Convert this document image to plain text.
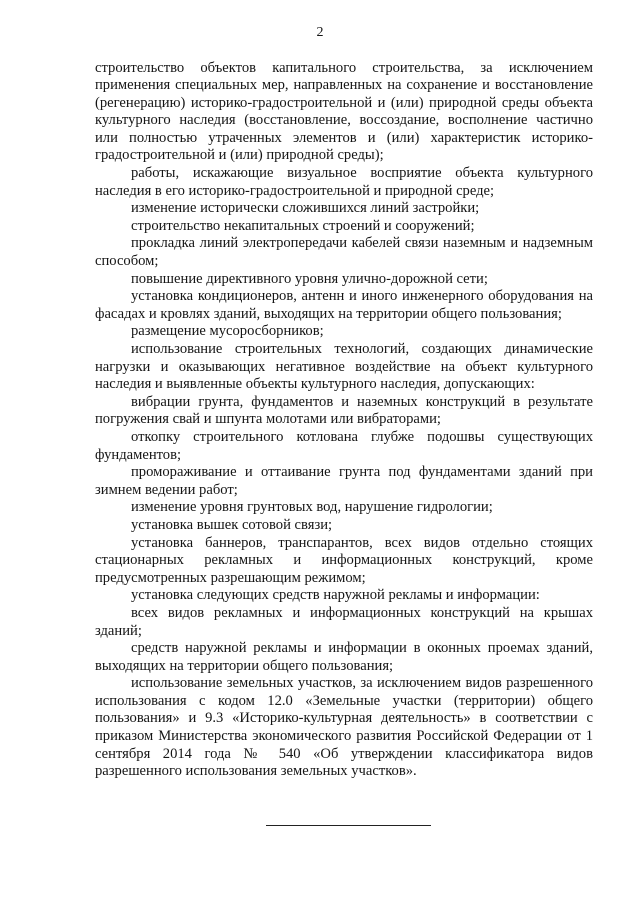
2

строительство объектов капитального строительства, за исключением применения специальных мер, направленных на сохранение и восстановление (регенерацию) историко-градостроительной и (или) природной среды объекта культурного наследия (восстановление, воссоздание, восполнение частично или полностью утраченных элементов и (или) характеристик историко-градостроительной и (или) природной среды);

работы, искажающие визуальное восприятие объекта культурного наследия в его историко-градостроительной и природной среде;

изменение исторически сложившихся линий застройки;

строительство некапитальных строений и сооружений;

прокладка линий электропередачи кабелей связи наземным и надземным способом;

повышение директивного уровня улично-дорожной сети;

установка кондиционеров, антенн и иного инженерного оборудования на фасадах и кровлях зданий, выходящих на территории общего пользования;

размещение мусоросборников;

использование строительных технологий, создающих динамические нагрузки и оказывающих негативное воздействие на объект культурного наследия и выявленные объекты культурного наследия, допускающих:

вибрации грунта, фундаментов и наземных конструкций в результате погружения свай и шпунта молотами или вибраторами;

откопку строительного котлована глубже подошвы существующих фундаментов;

промораживание и оттаивание грунта под фундаментами зданий при зимнем ведении работ;

изменение уровня грунтовых вод, нарушение гидрологии;

установка вышек сотовой связи;

установка баннеров, транспарантов, всех видов отдельно стоящих стационарных рекламных и информационных конструкций, кроме предусмотренных разрешающим режимом;

установка следующих средств наружной рекламы и информации:

всех видов рекламных и информационных конструкций на крышах зданий;

средств наружной рекламы и информации в оконных проемах зданий, выходящих на территории общего пользования;

использование земельных участков, за исключением видов разрешенного использования с кодом 12.0 «Земельные участки (территории) общего пользования» и 9.3 «Историко-культурная деятельность» в соответствии с приказом Министерства экономического развития Российской Федерации от 1 сентября 2014 года № 540 «Об утверждении классификатора видов разрешенного использования земельных участков».
